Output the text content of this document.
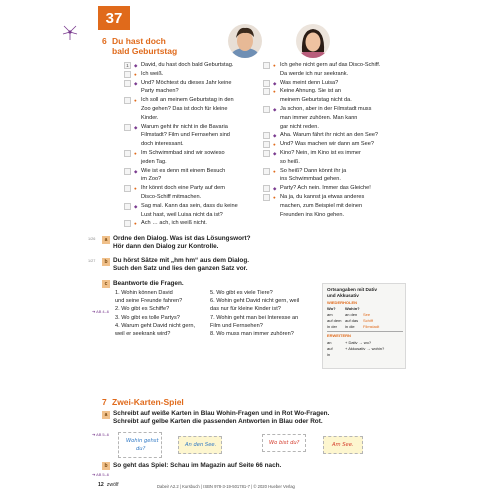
37
6 Du hast doch
bald Geburtstag
1	◆ David, du hast doch bald Geburtstag.
● Ich weiß.
◆ Und? Möchtest du dieses Jahr keine
Party machen?
● Ich soll an meinem Geburtstag in den
Zoo gehen? Das ist doch für kleine
Kinder.
◆ Warum geht ihr nicht in die Bavaria
Filmstadt? Film und Fernsehen sind
doch interessant.
● Im Schwimmbad sind wir sowieso
jeden Tag.
◆ Wie ist es denn mit einem Besuch
im Zoo?
● Ihr könnt doch eine Party auf dem
Disco-Schiff mitmachen.
◆ Sag mal. Kann das sein, dass du keine
Lust hast, weil Luisa nicht da ist?
● Ach … ach, ich weiß nicht.
● Ich gehe nicht gern auf das Disco-Schiff.
Da werde ich nur seekrank.
◆ Was meint denn Luisa?
● Keine Ahnung. Sie ist an
meinem Geburtstag nicht da.
◆ Ja schon, aber in der Filmstadt muss
man immer zuhören. Man kann
gar nicht reden.
◆ Aha. Warum fährt ihr nicht an den See?
● Und? Was machen wir dann am See?
◆ Kino? Nein, im Kino ist es immer
so heiß.
● So heiß? Dann könnt ihr ja
ins Schwimmbad gehen.
◆ Party? Ach nein. Immer das Gleiche!
● Na ja, du kannst ja etwas anderes
machen, zum Beispiel mit deinen
Freunden ins Kino gehen.
1/26	a Ordne den Dialog. Was ist das Lösungswort?
Hör dann den Dialog zur Kontrolle.
1/27	b Du hörst Sätze mit „hm hm“ aus dem Dialog.
Such den Satz und lies den ganzen Satz vor.
c Beantworte die Fragen.
1. Wohin können David
und seine Freunde fahren?
2. Wo gibt es Schiffe?
3. Wo gibt es tolle Partys?
4. Warum geht David nicht gern,
weil er seekrank wird?
5. Wo gibt es viele Tiere?
6. Wohin geht David nicht gern, weil
das nur für kleine Kinder ist?
7. Wohin geht man bei Interesse an
Film und Fernsehen?
8. Wo muss man immer zuhören?
➔ AB 4–6
Ortsangaben mit Dativ
und Akkusativ
WIEDERHOLEN
Wo? Wohin?
am	an den See
auf dem auf das Schiff
in der in die Filmstadt
ERWEITERN
an	+ Dativ → wo?
auf	+ Akkusativ → wohin?
in
7 Zwei-Karten-Spiel
a Schreibt auf weiße Karten in Blau Wohin-Fragen und in Rot Wo-Fragen.
Schreibt auf gelbe Karten die passenden Antworten in Blau oder Rot.
➔ AB 5–6
Wohin gehst
du?
An den See.	Wo bist du?	Am See.
b So geht das Spiel: Schau im Magazin auf Seite 66 nach.
➔ AB 5–6
12 zwölf	Dabei! A2.2 | Kursbuch | ISBN 978-3-19-501781-7 | © 2020 Hueber Verlag
